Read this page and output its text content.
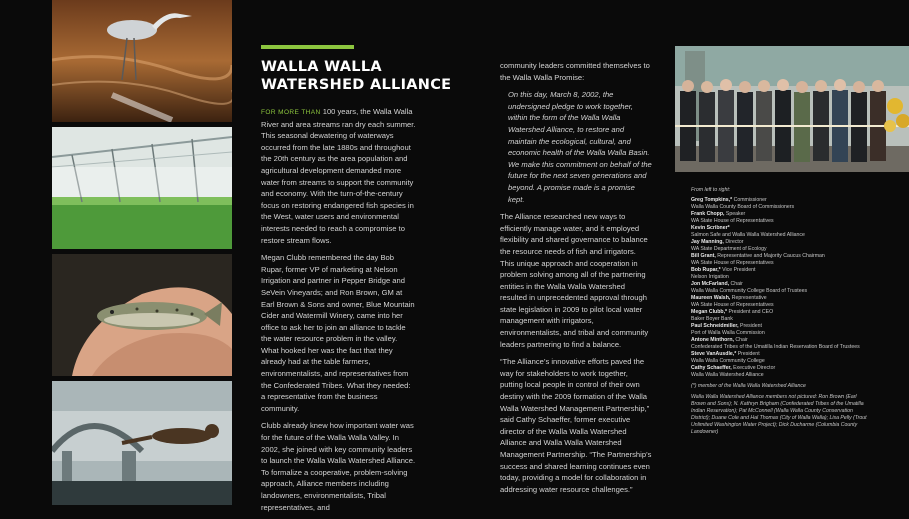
WALLA WALLA
WATERSHED ALLIANCE

FOR MORE THAN 100 years, the Walla Walla River and area streams ran dry each summer. This seasonal dewatering of waterways occurred from the late 1880s and throughout the 20th century as the area population and agricultural development demanded more water from streams to support the community and economy. With the turn-of-the-century focus on restoring endangered fish species in the West, water users and environmental interests needed to reach a compromise to restore stream flows.

Megan Clubb remembered the day Bob Rupar, former VP of marketing at Nelson Irrigation and partner in Pepper Bridge and SeVein Vineyards; and Ron Brown, GM at Earl Brown & Sons and owner, Blue Mountain Cider and Watermill Winery, came into her office to ask her to join an alliance to tackle the water resource problem in the valley. What hooked her was the fact that they already had at the table farmers, environmentalists, and representatives from the Confederated Tribes. What they needed: a representative from the business community.

Clubb already knew how important water was for the future of the Walla Walla Valley. In 2002, she joined with key community leaders to launch the Walla Walla Watershed Alliance. To formalize a cooperative, problem-solving approach, Alliance members including landowners, environmentalists, Tribal representatives, and

community leaders committed themselves to the Walla Walla Promise:

On this day, March 8, 2002, the undersigned pledge to work together, within the form of the Walla Walla Watershed Alliance, to restore and maintain the ecological, cultural, and economic health of the Walla Walla Basin. We make this commitment on behalf of the future for the next seven generations and beyond. A promise made is a promise kept.

The Alliance researched new ways to efficiently manage water, and it employed flexibility and shared governance to balance the resource needs of fish and irrigators. This unique approach and cooperation in problem solving among all of the partnering entities in the Walla Walla Watershed resulted in unprecedented approval through state legislation in 2009 to pilot local water management with irrigators, environmentalists, and tribal and community leaders partnering to find a balance.

“The Alliance’s innovative efforts paved the way for stakeholders to work together, putting local people in control of their own destiny with the 2009 formation of the Walla Walla Watershed Management Partnership,” said Cathy Schaeffer, former executive director of the Walla Walla Watershed Alliance and Walla Walla Watershed Management Partnership. “The Partnership’s success and shared learning continues even today, providing a model for collaboration in addressing water resource challenges.”

From left to right:
Greg Tompkins,* Commissioner
Walla Walla County Board of Commissioners
Frank Chopp, Speaker
WA State House of Representatives
Kevin Scribner*
Salmon Safe and Walla Walla Watershed Alliance
Jay Manning, Director
WA State Department of Ecology
Bill Grant, Representative and Majority Caucus Chairman
WA State House of Representatives
Bob Rupar,* Vice President
Nelson Irrigation
Jon McFarland, Chair
Walla Walla Community College Board of Trustees
Maureen Walsh, Representative
WA State House of Representatives
Megan Clubb,* President and CEO
Baker Boyer Bank
Paul Schneidmiller, President
Port of Walla Walla Commission
Antone Minthorn, Chair
Confederated Tribes of the Umatilla Indian Reservation Board of Trustees
Steve VanAusdle,* President
Walla Walla Community College
Cathy Schaeffer, Executive Director
Walla Walla Watershed Alliance
(*) member of the Walla Walla Watershed Alliance
Walla Walla Watershed Alliance members not pictured: Ron Brown (Earl Brown and Sons); N. Kathryn Brigham (Confederated Tribes of the Umatilla Indian Reservation); Pat McConnell (Walla Walla County Conservation District); Duane Cole and Hal Thomas (City of Walla Walla); Lisa Pelly (Trout Unlimited Washington Water Project); Dick Ducharme (Columbia County Landowner)
